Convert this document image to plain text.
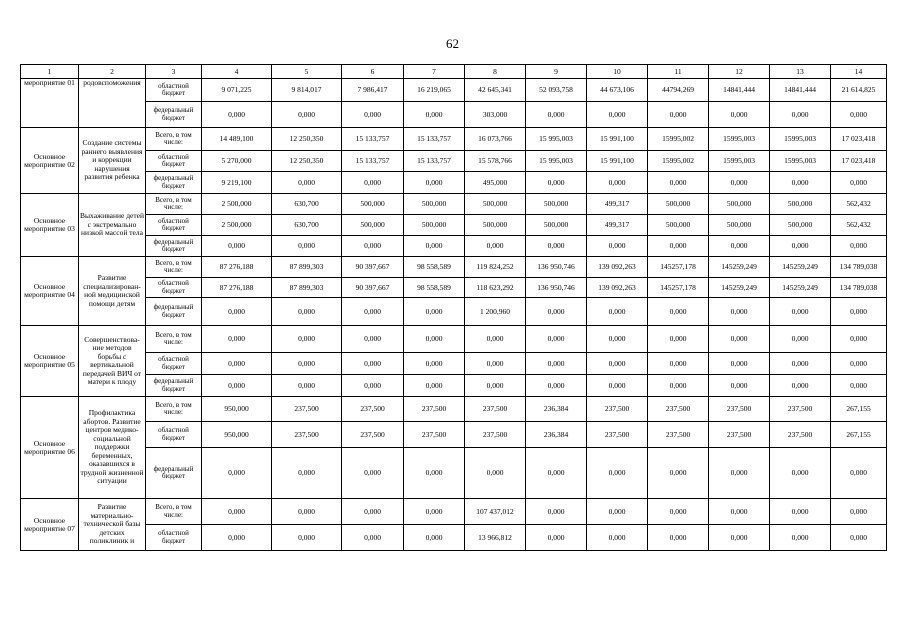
62
1	2	3	4	5	6	7	8	9	10	11	12	13	14
мероприятие 01	родовспоможения	областной бюджет	9 071,225	9 814,017	7 986,417	16 219,065	42 645,341	52 093,758	44 673,106	44794,269	14841,444	14841,444	21 614,825
		федеральный бюджет	0,000	0,000	0,000	0,000	303,000	0,000	0,000	0,000	0,000	0,000	0,000
Основное мероприятие 02	Создание системы раннего выявления и коррекции нарушения развития ребенка	Всего, в том числе:	14 489,100	12 250,350	15 133,757	15 133,757	16 073,766	15 995,003	15 991,100	15995,002	15995,003	15995,003	17 023,418
		областной бюджет	5 270,000	12 250,350	15 133,757	15 133,757	15 578,766	15 995,003	15 991,100	15995,002	15995,003	15995,003	17 023,418
		федеральный бюджет	9 219,100	0,000	0,000	0,000	495,000	0,000	0,000	0,000	0,000	0,000	0,000
Основное мероприятие 03	Выхаживание детей с экстремально низкой массой тела	Всего, в том числе:	2 500,000	630,700	500,000	500,000	500,000	500,000	499,317	500,000	500,000	500,000	562,432
		областной бюджет	2 500,000	630,700	500,000	500,000	500,000	500,000	499,317	500,000	500,000	500,000	562,432
		федеральный бюджет	0,000	0,000	0,000	0,000	0,000	0,000	0,000	0,000	0,000	0,000	0,000
Основное мероприятие 04	Развитие специализирован-ной медицинской помощи детям	Всего, в том числе:	87 276,188	87 899,303	90 397,667	98 558,589	119 824,252	136 950,746	139 092,263	145257,178	145259,249	145259,249	134 789,038
		областной бюджет	87 276,188	87 899,303	90 397,667	98 558,589	118 623,292	136 950,746	139 092,263	145257,178	145259,249	145259,249	134 789,038
		федеральный бюджет	0,000	0,000	0,000	0,000	1 200,960	0,000	0,000	0,000	0,000	0,000	0,000
Основное мероприятие 05	Совершенствова-ние методов борьбы с вертикальной передачей ВИЧ от матери к плоду	Всего, в том числе:	0,000	0,000	0,000	0,000	0,000	0,000	0,000	0,000	0,000	0,000	0,000
		областной бюджет	0,000	0,000	0,000	0,000	0,000	0,000	0,000	0,000	0,000	0,000	0,000
		федеральный бюджет	0,000	0,000	0,000	0,000	0,000	0,000	0,000	0,000	0,000	0,000	0,000
Основное мероприятие 06	Профилактика абортов. Развитие центров медико-социальной поддержки беременных, оказавшихся в трудной жизненной ситуации	Всего, в том числе:	950,000	237,500	237,500	237,500	237,500	236,384	237,500	237,500	237,500	237,500	267,155
		областной бюджет	950,000	237,500	237,500	237,500	237,500	236,384	237,500	237,500	237,500	237,500	267,155
		федеральный бюджет	0,000	0,000	0,000	0,000	0,000	0,000	0,000	0,000	0,000	0,000	0,000
Основное мероприятие 07	Развитие материально-технической базы детских поликлиник и	Всего, в том числе:	0,000	0,000	0,000	0,000	107 437,012	0,000	0,000	0,000	0,000	0,000	0,000
		областной бюджет	0,000	0,000	0,000	0,000	13 966,812	0,000	0,000	0,000	0,000	0,000	0,000
